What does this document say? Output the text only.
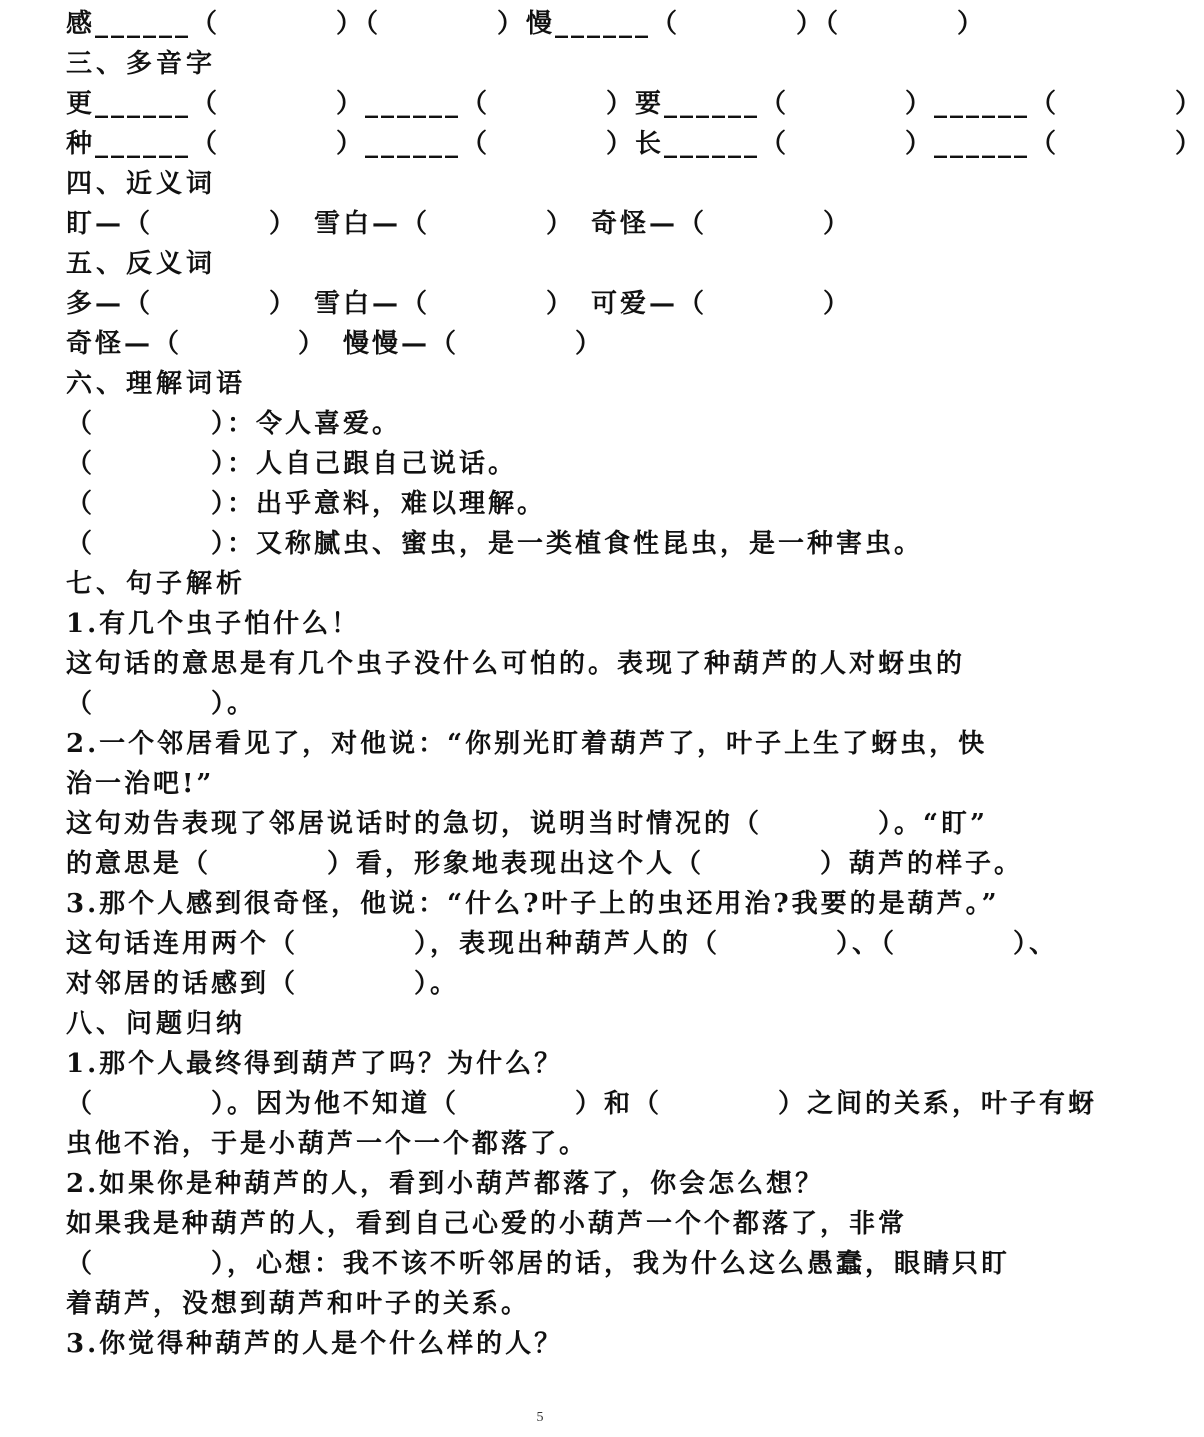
感______（　　　　）（　　　　）慢______（　　　　）（　　　　）
三、多音字
更______（　　　　）______（　　　　）要______（　　　　）______（　　　　）
种______（　　　　）______（　　　　）长______（　　　　）______（　　　　）
四、近义词
盯—（　　　　）　雪白—（　　　　）　奇怪—（　　　　）
五、反义词
多—（　　　　）　雪白—（　　　　）　可爱—（　　　　）
奇怪—（　　　　）　慢慢—（　　　　）
六、理解词语
（　　　　）：令人喜爱。
（　　　　）：人自己跟自己说话。
（　　　　）：出乎意料，难以理解。
（　　　　）：又称腻虫、蜜虫，是一类植食性昆虫，是一种害虫。
七、句子解析
1.有几个虫子怕什么！
这句话的意思是有几个虫子没什么可怕的。表现了种葫芦的人对蚜虫的
（　　　　）。
2.一个邻居看见了，对他说：“你别光盯着葫芦了，叶子上生了蚜虫，快
治一治吧!”
这句劝告表现了邻居说话时的急切，说明当时情况的（　　　　）。“盯”
的意思是（　　　　）看，形象地表现出这个人（　　　　）葫芦的样子。
3.那个人感到很奇怪，他说：“什么?叶子上的虫还用治?我要的是葫芦。”
这句话连用两个（　　　　），表现出种葫芦人的（　　　　）、（　　　　）、
对邻居的话感到（　　　　）。
八、问题归纳
1.那个人最终得到葫芦了吗？为什么？
（　　　　）。因为他不知道（　　　　）和（　　　　）之间的关系，叶子有蚜
虫他不治，于是小葫芦一个一个都落了。
2.如果你是种葫芦的人，看到小葫芦都落了，你会怎么想？
如果我是种葫芦的人，看到自己心爱的小葫芦一个个都落了，非常
（　　　　），心想：我不该不听邻居的话，我为什么这么愚蠢，眼睛只盯
着葫芦，没想到葫芦和叶子的关系。
3.你觉得种葫芦的人是个什么样的人？
5
